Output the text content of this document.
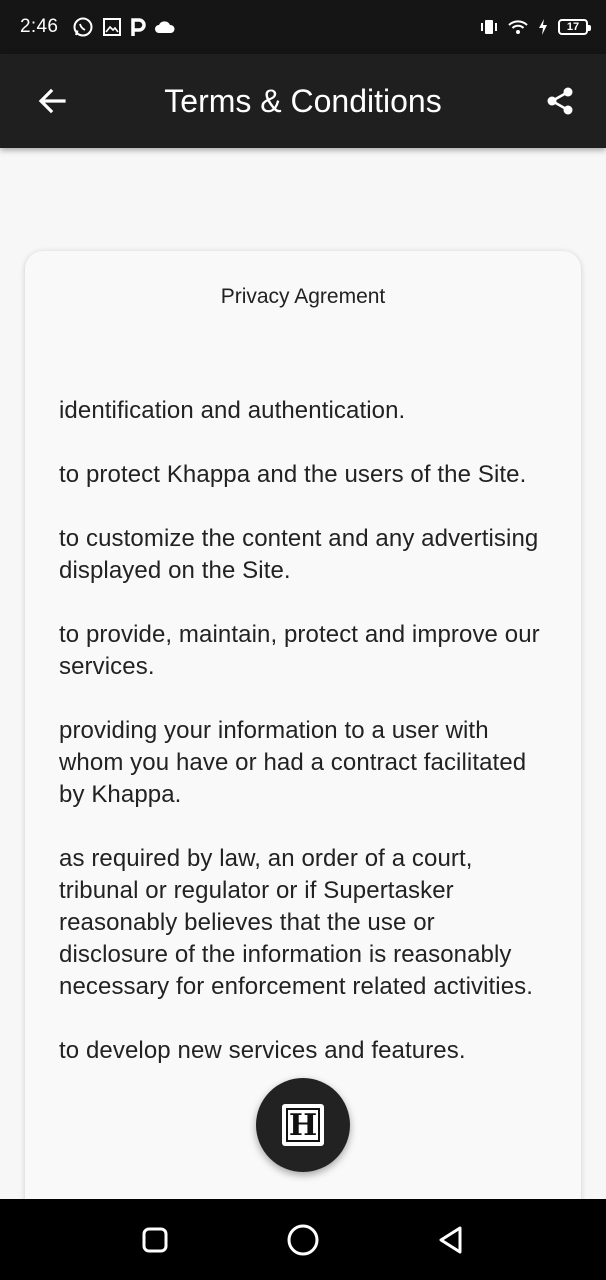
2:46	17
Terms & Conditions
Privacy Agrement

identification and authentication.

to protect Khappa and the users of the Site.

to customize the content and any advertising displayed on the Site.

to provide, maintain, protect and improve our services.

providing your information to a user with whom you have or had a contract facilitated by Khappa.

as required by law, an order of a court, tribunal or regulator or if Supertasker reasonably believes that the use or disclosure of the information is reasonably necessary for enforcement related activities.

to develop new services and features.

H
